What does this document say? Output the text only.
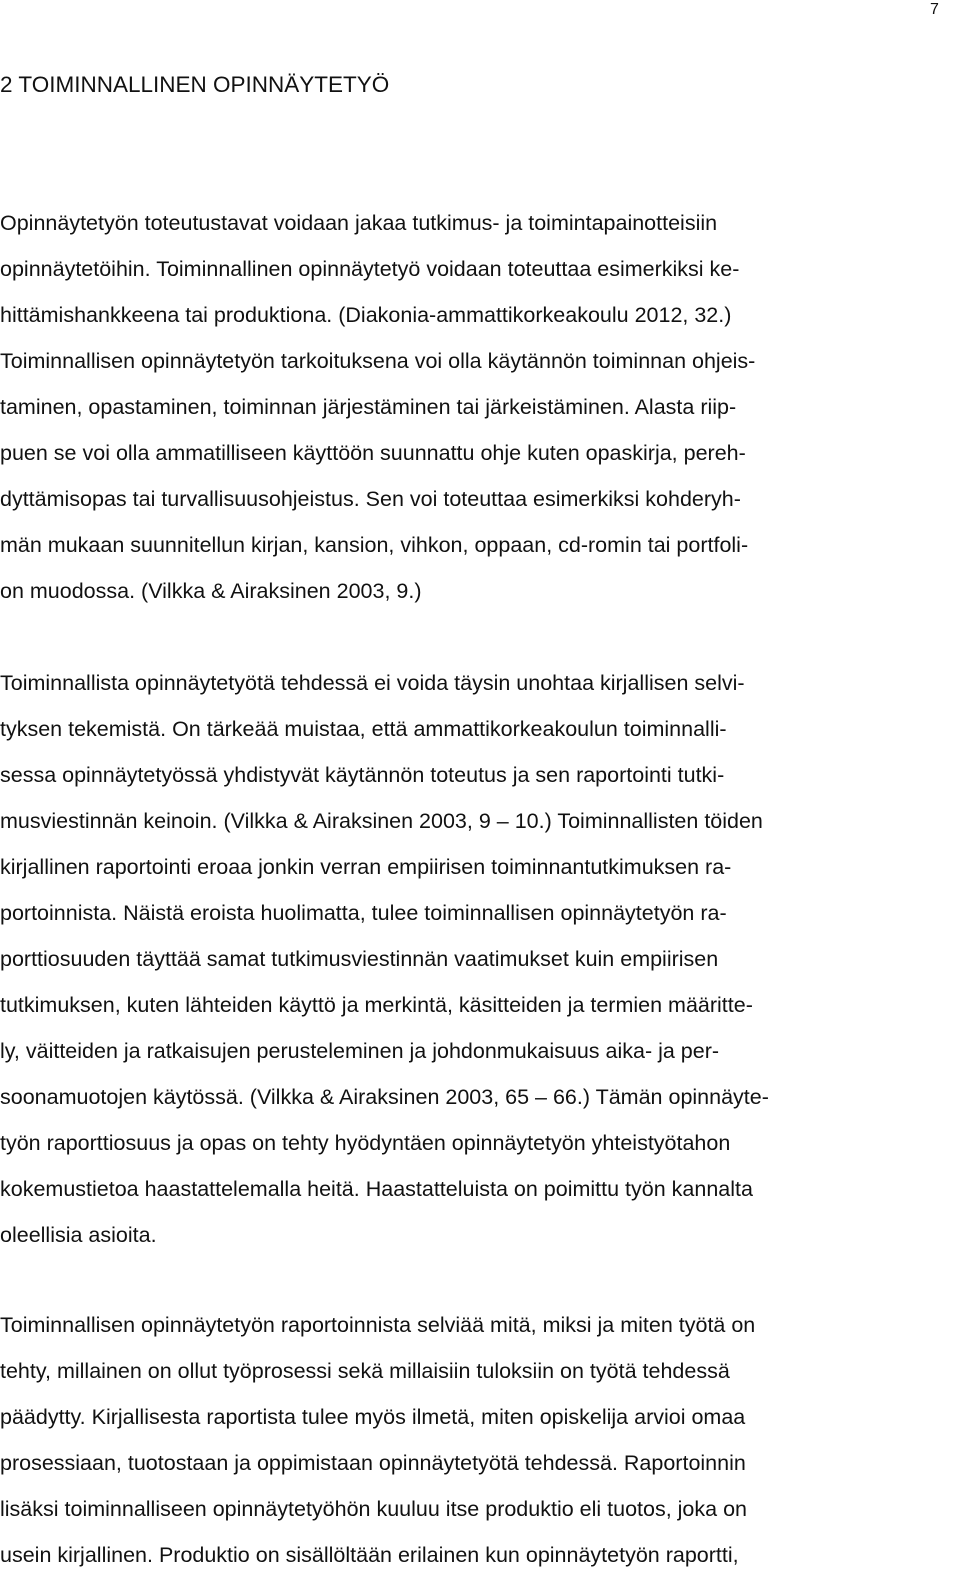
7
2 TOIMINNALLINEN OPINNÄYTETYÖ
Opinnäytetyön toteutustavat voidaan jakaa tutkimus- ja toimintapainotteisiin
opinnäytetöihin. Toiminnallinen opinnäytetyö voidaan toteuttaa esimerkiksi ke-
hittämishankkeena tai produktiona. (Diakonia-ammattikorkeakoulu 2012, 32.)
Toiminnallisen opinnäytetyön tarkoituksena voi olla käytännön toiminnan ohjeis-
taminen, opastaminen, toiminnan järjestäminen tai järkeistäminen. Alasta riip-
puen se voi olla ammatilliseen käyttöön suunnattu ohje kuten opaskirja, pereh-
dyttämisopas tai turvallisuusohjeistus. Sen voi toteuttaa esimerkiksi kohderyh-
män mukaan suunnitellun kirjan, kansion, vihkon, oppaan, cd-romin tai portfoli-
on muodossa. (Vilkka & Airaksinen 2003, 9.)
Toiminnallista opinnäytetyötä tehdessä ei voida täysin unohtaa kirjallisen selvi-
tyksen tekemistä. On tärkeää muistaa, että ammattikorkeakoulun toiminnalli-
sessa opinnäytetyössä yhdistyvät käytännön toteutus ja sen raportointi tutki-
musviestinnän keinoin. (Vilkka & Airaksinen 2003, 9 – 10.) Toiminnallisten töiden
kirjallinen raportointi eroaa jonkin verran empiirisen toiminnantutkimuksen ra-
portoinnista. Näistä eroista huolimatta, tulee toiminnallisen opinnäytetyön ra-
porttiosuuden täyttää samat tutkimusviestinnän vaatimukset kuin empiirisen
tutkimuksen, kuten lähteiden käyttö ja merkintä, käsitteiden ja termien määritte-
ly, väitteiden ja ratkaisujen perusteleminen ja johdonmukaisuus aika- ja per-
soonamuotojen käytössä. (Vilkka & Airaksinen 2003, 65 – 66.) Tämän opinnäyte-
työn raporttiosuus ja opas on tehty hyödyntäen opinnäytetyön yhteistyötahon
kokemustietoa haastattelemalla heitä. Haastatteluista on poimittu työn kannalta
oleellisia asioita.
Toiminnallisen opinnäytetyön raportoinnista selviää mitä, miksi ja miten työtä on
tehty, millainen on ollut työprosessi sekä millaisiin tuloksiin on työtä tehdessä
päädytty. Kirjallisesta raportista tulee myös ilmetä, miten opiskelija arvioi omaa
prosessiaan, tuotostaan ja oppimistaan opinnäytetyötä tehdessä. Raportoinnin
lisäksi toiminnalliseen opinnäytetyöhön kuuluu itse produktio eli tuotos, joka on
usein kirjallinen. Produktio on sisällöltään erilainen kun opinnäytetyön raportti,
